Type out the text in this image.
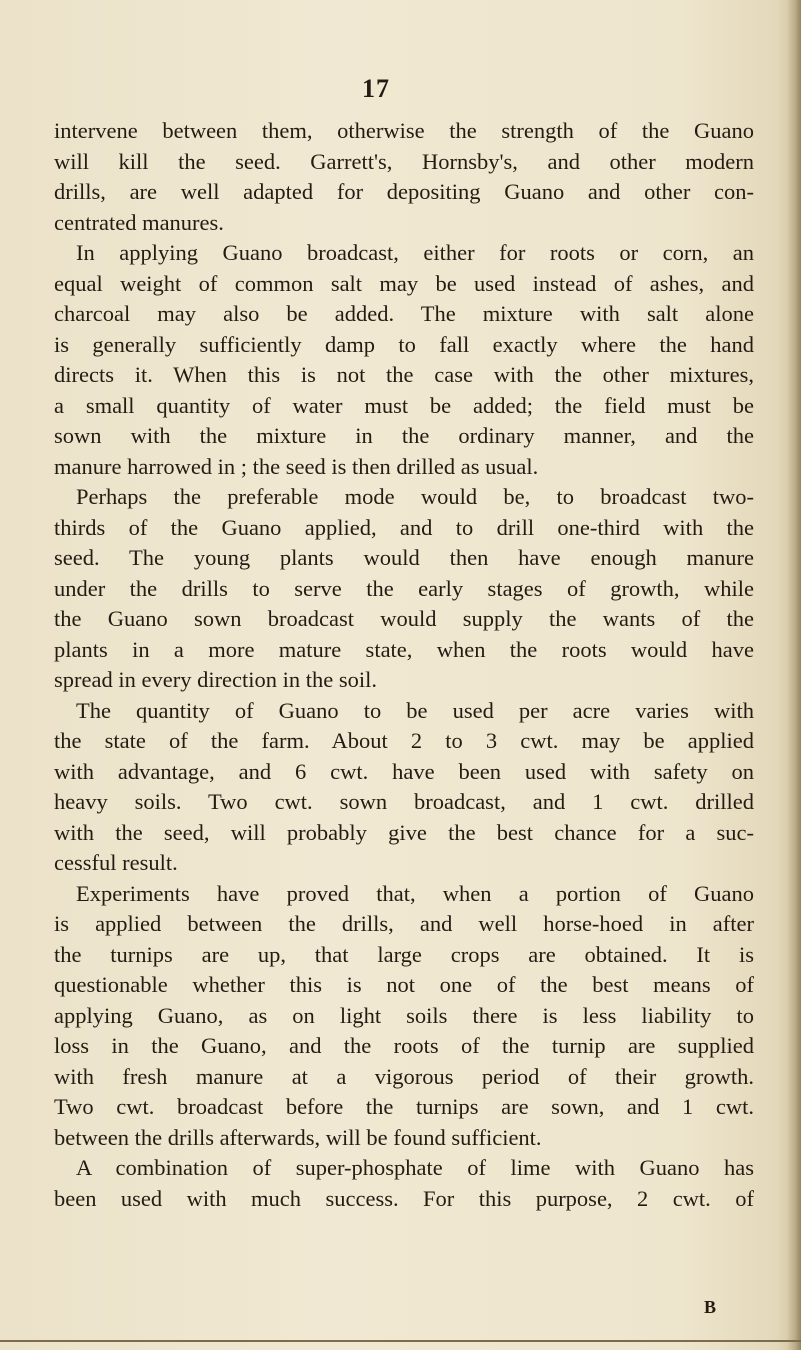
17
intervene between them, otherwise the strength of the Guano
will kill the seed. Garrett's, Hornsby's, and other modern
drills, are well adapted for depositing Guano and other con-
centrated manures.
In applying Guano broadcast, either for roots or corn, an
equal weight of common salt may be used instead of ashes, and
charcoal may also be added. The mixture with salt alone
is generally sufficiently damp to fall exactly where the hand
directs it. When this is not the case with the other mixtures,
a small quantity of water must be added; the field must be
sown with the mixture in the ordinary manner, and the
manure harrowed in ; the seed is then drilled as usual.
Perhaps the preferable mode would be, to broadcast two-
thirds of the Guano applied, and to drill one-third with the
seed. The young plants would then have enough manure
under the drills to serve the early stages of growth, while
the Guano sown broadcast would supply the wants of the
plants in a more mature state, when the roots would have
spread in every direction in the soil.
The quantity of Guano to be used per acre varies with
the state of the farm. About 2 to 3 cwt. may be applied
with advantage, and 6 cwt. have been used with safety on
heavy soils. Two cwt. sown broadcast, and 1 cwt. drilled
with the seed, will probably give the best chance for a suc-
cessful result.
Experiments have proved that, when a portion of Guano
is applied between the drills, and well horse-hoed in after
the turnips are up, that large crops are obtained. It is
questionable whether this is not one of the best means of
applying Guano, as on light soils there is less liability to
loss in the Guano, and the roots of the turnip are supplied
with fresh manure at a vigorous period of their growth.
Two cwt. broadcast before the turnips are sown, and 1 cwt.
between the drills afterwards, will be found sufficient.
A combination of super-phosphate of lime with Guano has
been used with much success. For this purpose, 2 cwt. of
B
